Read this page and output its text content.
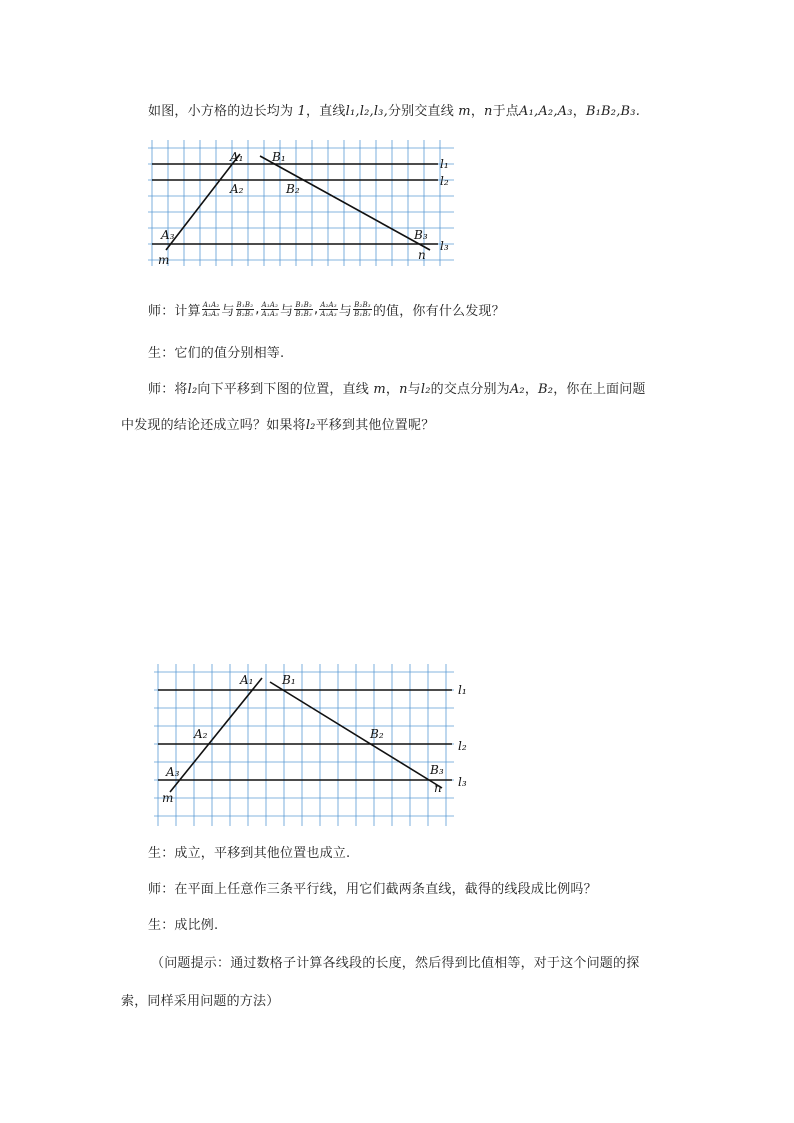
如图，小方格的边长均为 1，直线l₁,l₂,l₃,分别交直线 m，n于点A₁,A₂,A₃，B₁B₂,B₃.
A₁
A₂
A₃
B₁
B₂
B₃
l₁
l₂
l₃
m	n
师：计算 $\frac{\text{A₁A₂}}{\text{A₂A₃}}$ 与 $\frac{\text{B₁B₂}}{\text{B₂B₃}}$ , $\frac{\text{A₁A₂}}{\text{A₁A₃}}$ 与 $\frac{\text{B₁B₂}}{\text{B₁B₃}}$ , $\frac{\text{A₂A₃}}{\text{A₁A₃}}$ 与 $\frac{\text{B₂B₃}}{\text{B₁B₃}}$ 的值，你有什么发现？
生：它们的值分别相等.
师：将l₂向下平移到下图的位置，直线 m，n与l₂的交点分别为A₂，B₂，你在上面问题
中发现的结论还成立吗？如果将l₂平移到其他位置呢？
A₁
A₂
A₃
B₁
B₂
B₃
l₁
l₂
l₃
m
n
生：成立，平移到其他位置也成立.
师：在平面上任意作三条平行线，用它们截两条直线，截得的线段成比例吗？
生：成比例.
（问题提示：通过数格子计算各线段的长度，然后得到比值相等，对于这个问题的探
索，同样采用问题的方法）
